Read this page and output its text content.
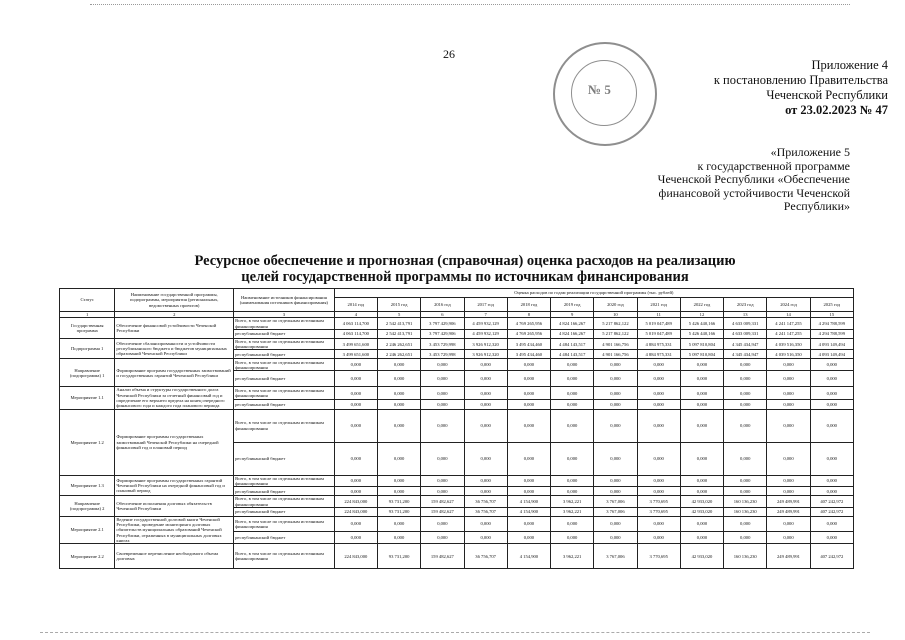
26
№ 5
Приложение 4
к постановлению Правительства
Чеченской Республики
от 23.02.2023 № 47
«Приложение 5
к государственной программе
Чеченской Республики «Обеспечение
финансовой устойчивости Чеченской
Республики»
Ресурсное обеспечение и прогнозная (справочная) оценка расходов на реализацию
целей государственной программы по источникам финансирования
Статус	Наименование государственной программы, подпрограммы, мероприятия (региональных, ведомственных проектов)	Наименование источников финансирования (наименования источников финансирования)	Оценка расходов по годам реализации государственной программы (тыс. рублей)											
			2014 год	2015 год	2016 год	2017 год	2018 год	2019 год	2020 год	2021 год	2022 год	2023 год	2024 год	2025 год
1	2	3	4	5	6	7	8	9	10	11	12	13	14	15
Государственная программа	Обеспечение финансовой устойчивости Чеченской Республики	Всего, в том числе по отдельным источникам финансирования	4 063 114,700	2 542 413,791	3 797 429,906	4 459 932,129	4 769 265,956	4 824 166,267	5 217 862,122	5 019 047,489	5 426 440,166	4 633 009,331	4 241 147,255	4 294 788,599
		республиканский бюджет	4 063 114,700	2 542 413,791	3 797 429,906	4 459 932,129	4 769 265,956	4 824 166,267	5 217 862,122	5 019 047,489	5 426 440,166	4 633 009,331	4 241 147,255	4 294 788,599
Подпрограмма 1	Обеспечение сбалансированности и устойчивости республиканского бюджета и бюджетов муниципальных образований Чеченской Республики	Всего, в том числе по отдельным источникам финансирования	3 499 651,600	2 246 262,651	3 453 729,998	3 926 912,320	3 495 434,460	4 484 143,517	4 901 166,756	4 884 975,331	5 097 810,804	4 345 434,947	4 039 516,350	4 093 149,494
		республиканский бюджет	3 499 651,600	2 246 262,651	3 453 729,998	3 926 912,320	3 495 434,460	4 484 143,517	4 901 166,756	4 884 975,331	5 097 810,804	4 345 434,947	4 039 516,350	4 093 149,494
Направление (подпрограмма) 1	Формирование программ государственных заимствований и государственных гарантий Чеченской Республики	Всего, в том числе по отдельным источникам финансирования	0,000	0,000	0,000	0,000	0,000	0,000	0,000	0,000	0,000	0,000	0,000	0,000
		республиканский бюджет	0,000	0,000	0,000	0,000	0,000	0,000	0,000	0,000	0,000	0,000	0,000	0,000
Мероприятие 1.1	Анализ объема и структуры государственного долга Чеченской Республики за отчетный финансовый год и определение его верхнего предела на конец очередного финансового года и каждого года планового периода	Всего, в том числе по отдельным источникам финансирования	0,000	0,000	0,000	0,000	0,000	0,000	0,000	0,000	0,000	0,000	0,000	0,000
		республиканский бюджет	0,000	0,000	0,000	0,000	0,000	0,000	0,000	0,000	0,000	0,000	0,000	0,000
Мероприятие 1.2	Формирование программы государственных заимствований Чеченской Республики на очередной финансовый год и плановый период	Всего, в том числе по отдельным источникам финансирования	0,000	0,000	0,000	0,000	0,000	0,000	0,000	0,000	0,000	0,000	0,000	0,000
		республиканский бюджет	0,000	0,000	0,000	0,000	0,000	0,000	0,000	0,000	0,000	0,000	0,000	0,000
Мероприятие 1.3	Формирование программы государственных гарантий Чеченской Республики на очередной финансовый год и плановый период	Всего, в том числе по отдельным источникам финансирования	0,000	0,000	0,000	0,000	0,000	0,000	0,000	0,000	0,000	0,000	0,000	0,000
		республиканский бюджет	0,000	0,000	0,000	0,000	0,000	0,000	0,000	0,000	0,000	0,000	0,000	0,000
Направление (подпрограмма) 2	Обеспечение исполнения долговых обязательств Чеченской Республики	Всего, в том числе по отдельным источникам финансирования	224 843,000	93 731,200	159 482,627	36 756,707	4 154,900	3 962,221	3 767,006	3 770,695	42 933,020	160 136,230	249 489,991	407 242,972
		республиканский бюджет	224 843,000	93 731,200	159 482,627	36 756,707	4 154,900	3 962,221	3 767,006	3 770,695	42 933,020	160 136,230	249 489,991	407 242,972
Мероприятие 2.1	Ведение государственной долговой книги Чеченской Республики, проведение мониторинга долговых обязательств муниципальных образований Чеченской Республики, отраженных в муниципальных долговых книгах	Всего, в том числе по отдельным источникам финансирования	0,000	0,000	0,000	0,000	0,000	0,000	0,000	0,000	0,000	0,000	0,000	0,000
		республиканский бюджет	0,000	0,000	0,000	0,000	0,000	0,000	0,000	0,000	0,000	0,000	0,000	0,000
Мероприятие 2.2	Своевременное перечисление необходимого объема долговых	Всего, в том числе по отдельным источникам финансирования	224 843,000	93 731,200	159 482,627	36 756,707	4 154,900	3 962,221	3 767,006	3 770,695	42 933,020	160 136,230	249 489,991	407 242,972
